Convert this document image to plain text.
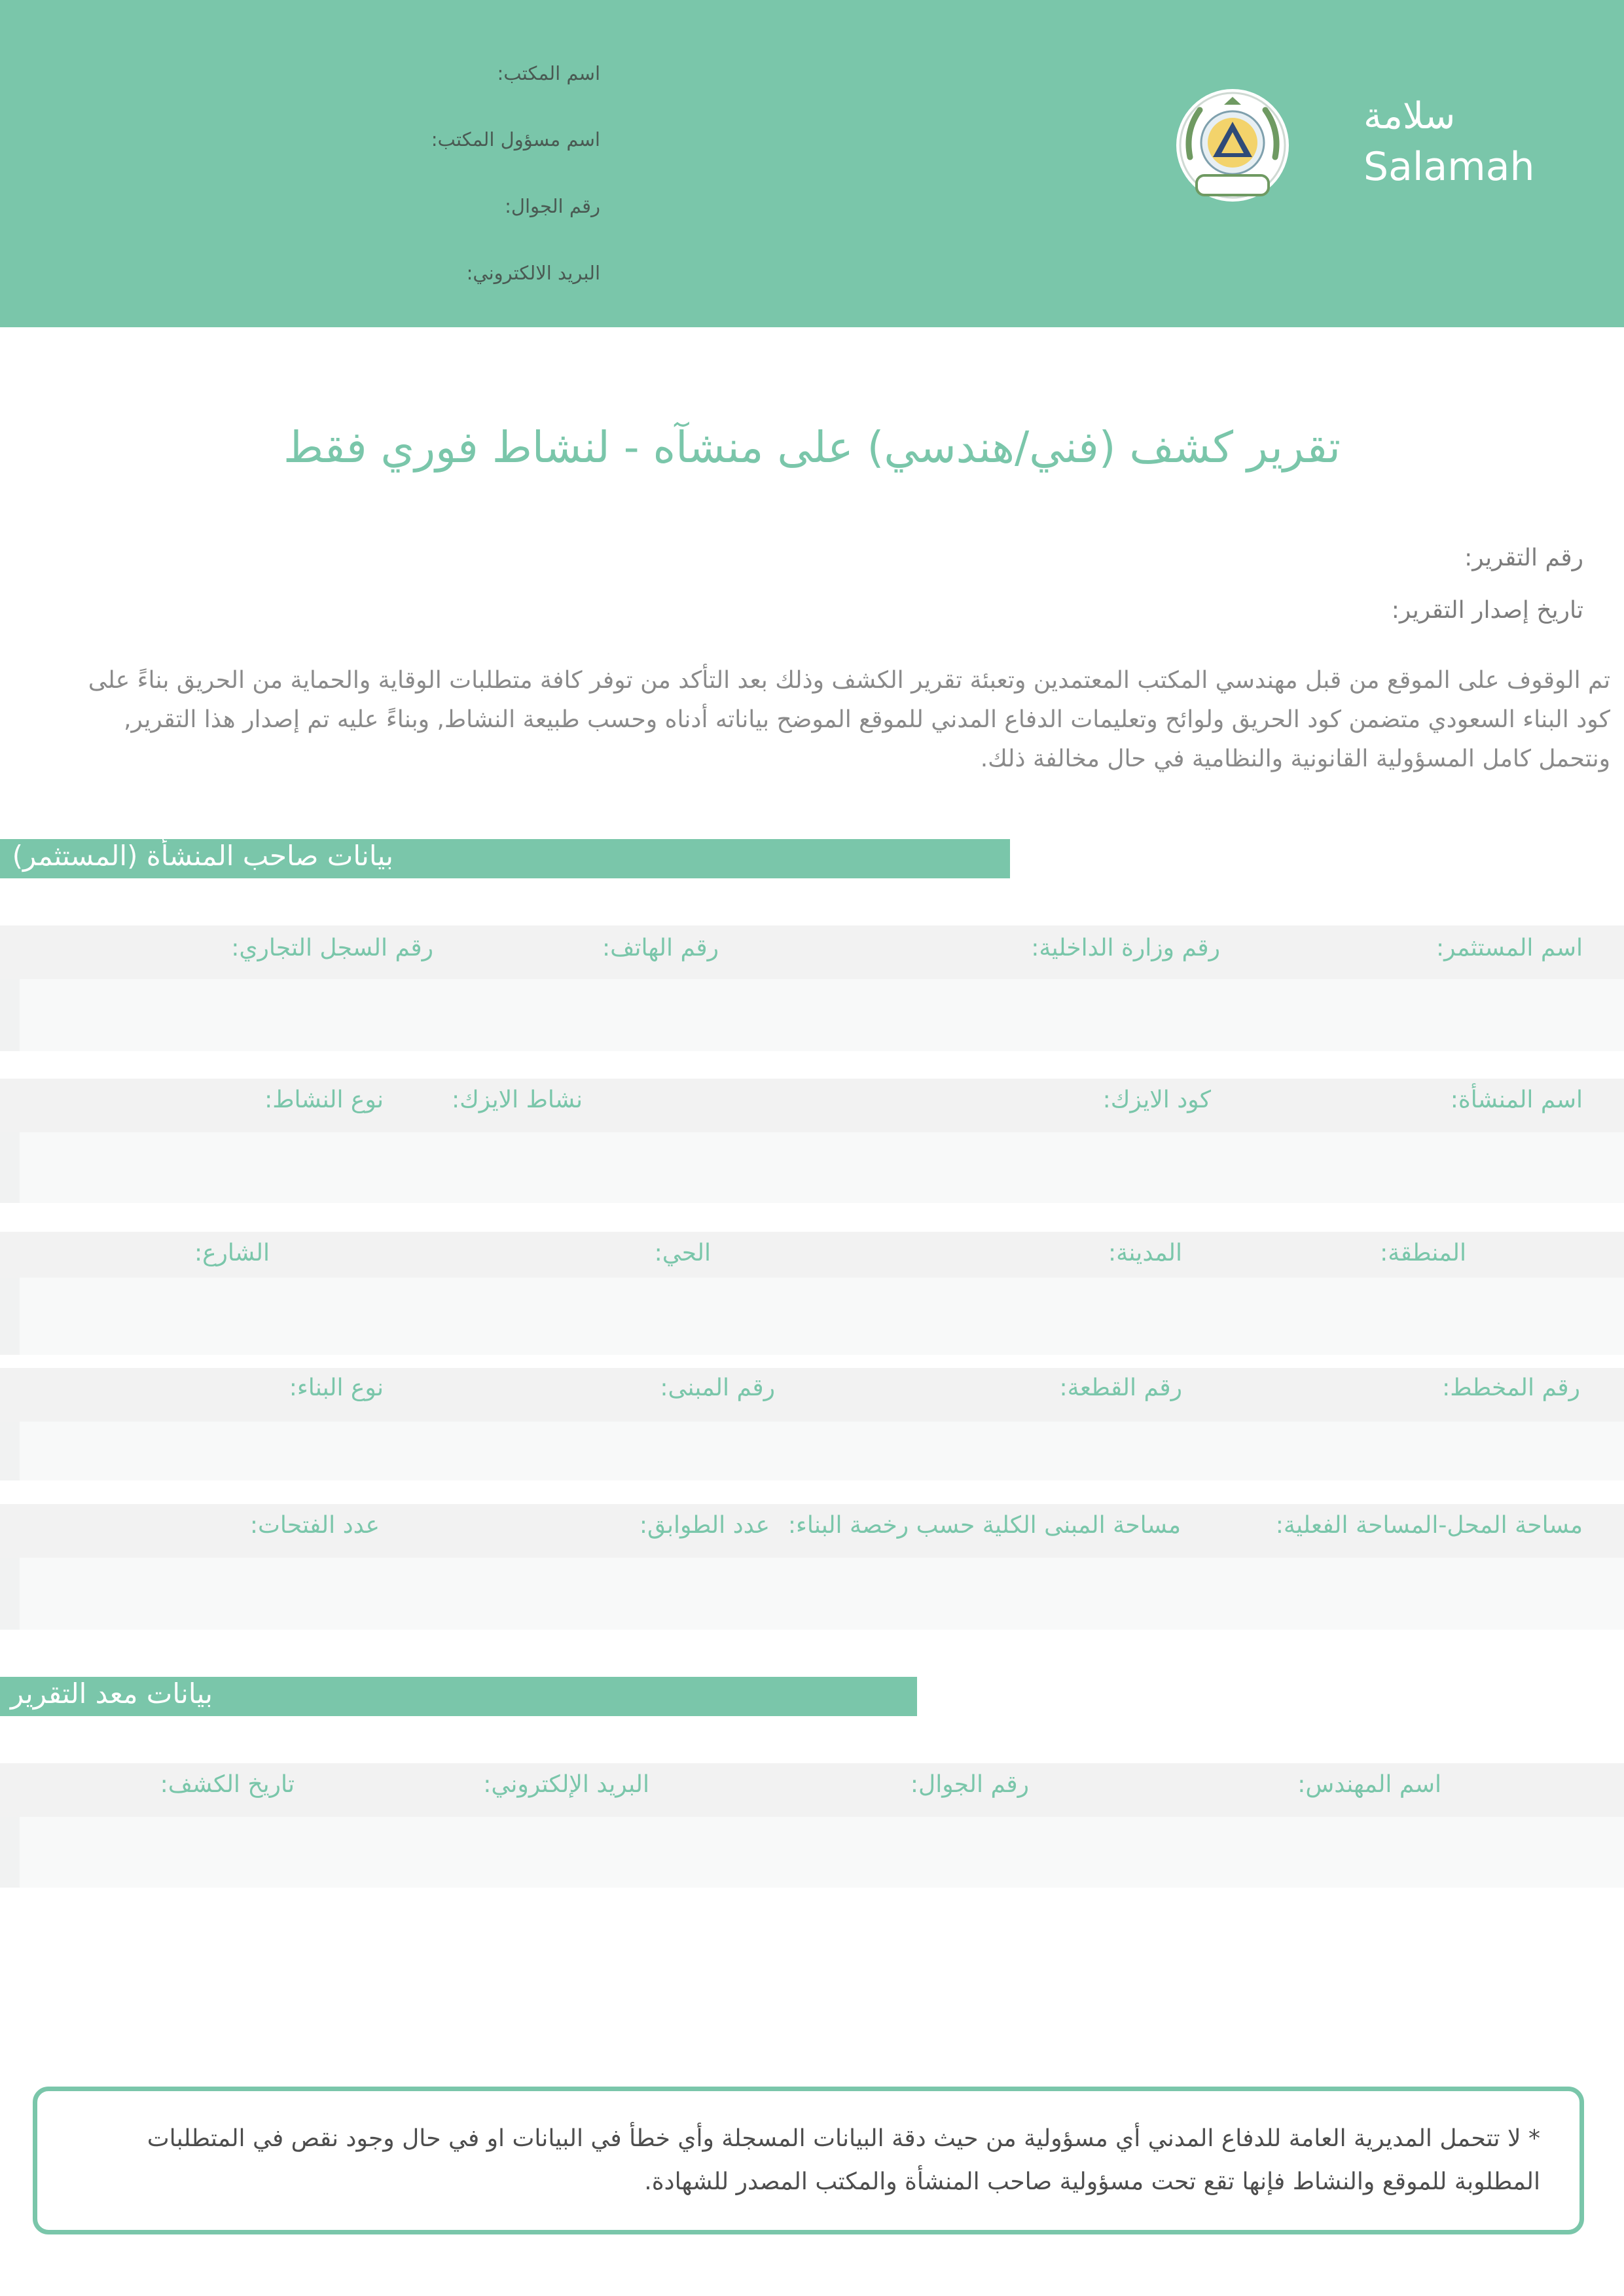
اسم المكتب:
اسم مسؤول المكتب:
رقم الجوال:
البريد الالكتروني:
سلامة
Salamah
تقرير كشف (فني/هندسي) على منشآه - لنشاط فوري فقط
رقم التقرير:
تاريخ إصدار التقرير:
تم الوقوف على الموقع من قبل مهندسي المكتب المعتمدين وتعبئة تقرير الكشف وذلك بعد التأكد من توفر كافة متطلبات الوقاية والحماية من الحريق بناءً على كود البناء السعودي متضمن كود الحريق ولوائح وتعليمات الدفاع المدني للموقع الموضح بياناته أدناه وحسب طبيعة النشاط, وبناءً عليه تم إصدار هذا التقرير, ونتحمل كامل المسؤولية القانونية والنظامية في حال مخالفة ذلك.
بيانات صاحب المنشأة (المستثمر)
اسم المستثمر:
رقم وزارة الداخلية:
رقم الهاتف:
رقم السجل التجاري:
اسم المنشأة:
كود الايزك:
نشاط الايزك:
نوع النشاط:
المنطقة:
المدينة:
الحي:
الشارع:
رقم المخطط:
رقم القطعة:
رقم المبنى:
نوع البناء:
مساحة المحل-المساحة الفعلية:
مساحة المبنى الكلية حسب رخصة البناء:
عدد الطوابق:
عدد الفتحات:
بيانات معد التقرير
اسم المهندس:
رقم الجوال:
البريد الإلكتروني:
تاريخ الكشف:
* لا تتحمل المديرية العامة للدفاع المدني أي مسؤولية من حيث دقة البيانات المسجلة وأي خطأ في البيانات او في حال وجود نقص في المتطلبات المطلوبة للموقع والنشاط فإنها تقع تحت مسؤولية صاحب المنشأة والمكتب المصدر للشهادة.
